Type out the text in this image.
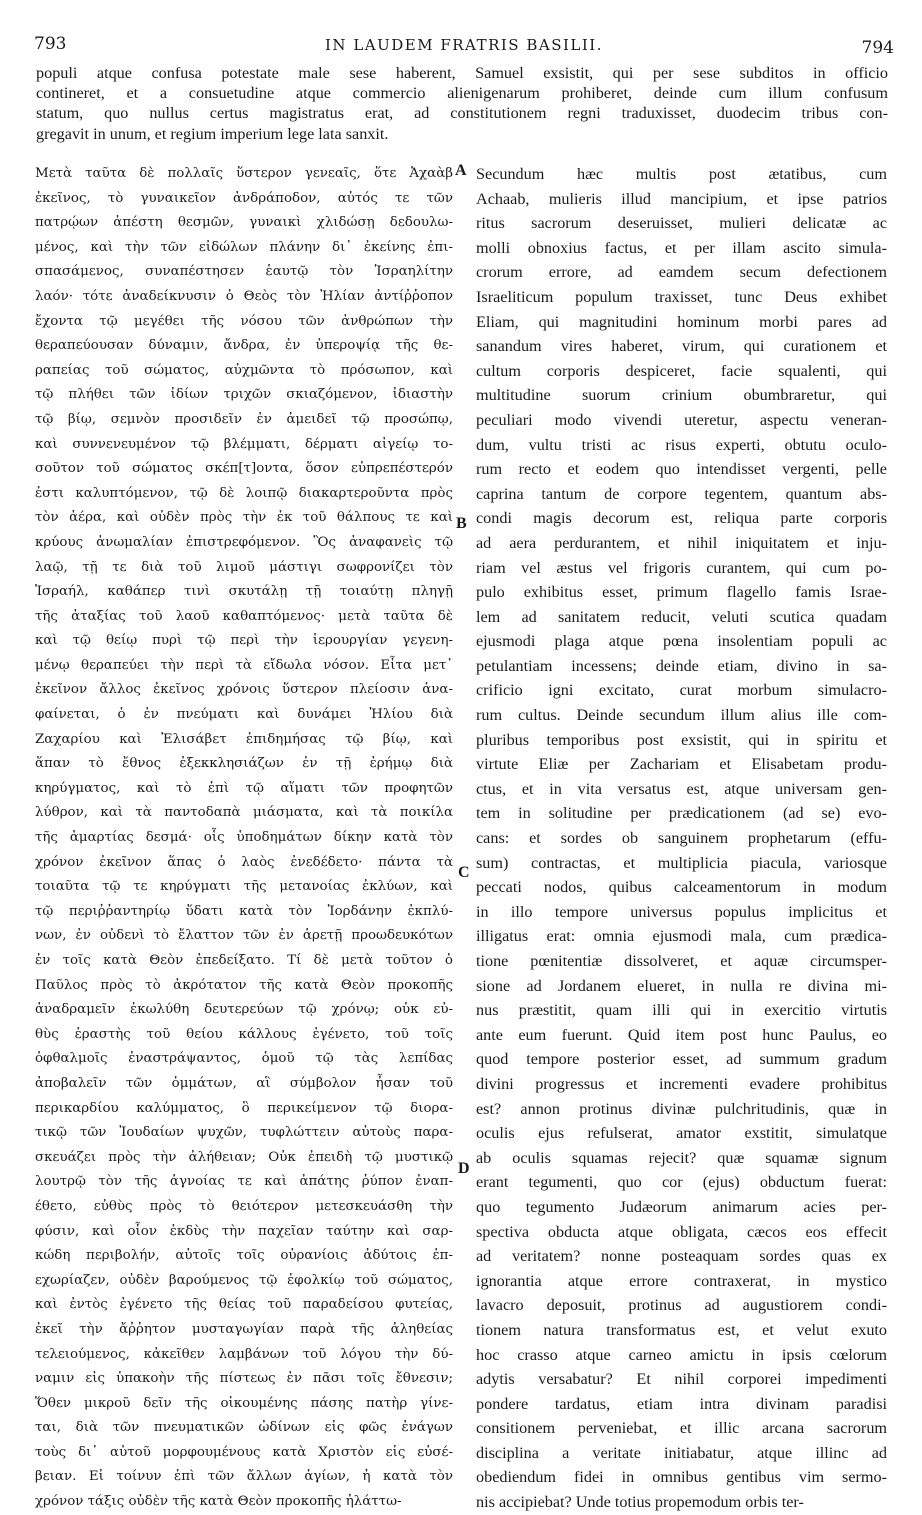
793	IN LAUDEM FRATRIS BASILII.	794
populi atque confusa potestate male sese haberent, Samuel exsistit, qui per sese subditos in officio
contineret, et a consuetudine atque commercio alienigenarum prohiberet, deinde cum illum confusum
statum, quo nullus certus magistratus erat, ad constitutionem regni traduxisset, duodecim tribus con-
gregavit in unum, et regium imperium lege lata sanxit.
Μετὰ ταῦτα δὲ πολλαῖς ὕστερον γενεαῖς, ὅτε Ἀχαὰβ
ἐκεῖνος, τὸ γυναικεῖον ἀνδράποδον, αὐτός τε τῶν
πατρῴων ἀπέστη θεσμῶν, γυναικὶ χλιδώσῃ δεδουλω-
μένος, καὶ τὴν τῶν εἰδώλων πλάνην δι᾽ ἐκείνης ἐπι-
σπασάμενος, συναπέστησεν ἑαυτῷ τὸν Ἰσραηλίτην
λαόν· τότε ἀναδείκνυσιν ὁ Θεὸς τὸν Ἠλίαν ἀντίῤῥοπον
ἔχοντα τῷ μεγέθει τῆς νόσου τῶν ἀνθρώπων τὴν
θεραπεύουσαν δύναμιν, ἄνδρα, ἐν ὑπεροψίᾳ τῆς θε-
ραπείας τοῦ σώματος, αὐχμῶντα τὸ πρόσωπον, καὶ
τῷ πλήθει τῶν ἰδίων τριχῶν σκιαζόμενον, ἰδιαστὴν
τῷ βίῳ, σεμνὸν προσιδεῖν ἐν ἀμειδεῖ τῷ προσώπῳ,
καὶ συννενευμένον τῷ βλέμματι, δέρματι αἰγείῳ το-
σοῦτον τοῦ σώματος σκέπ[τ]οντα, ὅσον εὐπρεπέστερόν
ἐστι καλυπτόμενον, τῷ δὲ λοιπῷ διακαρτεροῦντα πρὸς
τὸν ἀέρα, καὶ οὐδὲν πρὸς τὴν ἐκ τοῦ θάλπους τε καὶ
κρύους ἀνωμαλίαν ἐπιστρεφόμενον. Ὃς ἀναφανεὶς τῷ
λαῷ, τῇ τε διὰ τοῦ λιμοῦ μάστιγι σωφρονίζει τὸν
Ἰσραήλ, καθάπερ τινὶ σκυτάλῃ τῇ τοιαύτῃ πληγῇ
τῆς ἀταξίας τοῦ λαοῦ καθαπτόμενος· μετὰ ταῦτα δὲ
καὶ τῷ θείῳ πυρὶ τῷ περὶ τὴν ἱερουργίαν γεγενη-
μένῳ θεραπεύει τὴν περὶ τὰ εἴδωλα νόσον. Εἶτα μετ᾽
ἐκεῖνον ἄλλος ἐκεῖνος χρόνοις ὕστερον πλείοσιν ἀνα-
φαίνεται, ὁ ἐν πνεύματι καὶ δυνάμει Ἠλίου διὰ
Ζαχαρίου καὶ Ἐλισάβετ ἐπιδημήσας τῷ βίῳ, καὶ
ἅπαν τὸ ἔθνος ἐξεκκλησιάζων ἐν τῇ ἐρήμῳ διὰ
κηρύγματος, καὶ τὸ ἐπὶ τῷ αἵματι τῶν προφητῶν
λύθρον, καὶ τὰ παντοδαπὰ μιάσματα, καὶ τὰ ποικίλα
τῆς ἁμαρτίας δεσμά· οἷς ὑποδημάτων δίκην κατὰ τὸν
χρόνον ἐκεῖνον ἅπας ὁ λαὸς ἐνεδέδετο· πάντα τὰ
τοιαῦτα τῷ τε κηρύγματι τῆς μετανοίας ἐκλύων, καὶ
τῷ περιῤῥαντηρίῳ ὕδατι κατὰ τὸν Ἰορδάνην ἐκπλύ-
νων, ἐν οὐδενὶ τὸ ἔλαττον τῶν ἐν ἀρετῇ προωδευκότων
ἐν τοῖς κατὰ Θεὸν ἐπεδείξατο. Τί δὲ μετὰ τοῦτον ὁ
Παῦλος πρὸς τὸ ἀκρότατον τῆς κατὰ Θεὸν προκοπῆς
ἀναδραμεῖν ἐκωλύθη δευτερεύων τῷ χρόνῳ; οὐκ εὐ-
θὺς ἐραστὴς τοῦ θείου κάλλους ἐγένετο, τοῦ τοῖς
ὀφθαλμοῖς ἐναστράψαντος, ὁμοῦ τῷ τὰς λεπίδας
ἀποβαλεῖν τῶν ὀμμάτων, αἳ σύμβολον ἦσαν τοῦ
περικαρδίου καλύμματος, ὃ περικείμενον τῷ διορα-
τικῷ τῶν Ἰουδαίων ψυχῶν, τυφλώττειν αὐτοὺς παρα-
σκευάζει πρὸς τὴν ἀλήθειαν; Οὐκ ἐπειδὴ τῷ μυστικῷ
λουτρῷ τὸν τῆς ἀγνοίας τε καὶ ἀπάτης ῥύπον ἐναπ-
έθετο, εὐθὺς πρὸς τὸ θειότερον μετεσκευάσθη τὴν
φύσιν, καὶ οἷον ἐκδὺς τὴν παχεῖαν ταύτην καὶ σαρ-
κώδη περιβολήν, αὐτοῖς τοῖς οὐρανίοις ἀδύτοις ἐπ-
εχωρίαζεν, οὐδὲν βαρούμενος τῷ ἐφολκίῳ τοῦ σώματος,
καὶ ἐντὸς ἐγένετο τῆς θείας τοῦ παραδείσου φυτείας,
ἐκεῖ τὴν ἄῤῥητον μυσταγωγίαν παρὰ τῆς ἀληθείας
τελειούμενος, κἀκεῖθεν λαμβάνων τοῦ λόγου τὴν δύ-
ναμιν εἰς ὑπακοὴν τῆς πίστεως ἐν πᾶσι τοῖς ἔθνεσιν;
Ὅθεν μικροῦ δεῖν τῆς οἰκουμένης πάσης πατὴρ γίνε-
ται, διὰ τῶν πνευματικῶν ὠδίνων εἰς φῶς ἐνάγων
τοὺς δι᾽ αὐτοῦ μορφουμένους κατὰ Χριστὸν εἰς εὐσέ-
βειαν. Εἰ τοίνυν ἐπὶ τῶν ἄλλων ἁγίων, ἡ κατὰ τὸν
χρόνον τάξις οὐδὲν τῆς κατὰ Θεὸν προκοπῆς ἠλάττω-
Secundum hæc multis post ætatibus, cum
Achaab, mulieris illud mancipium, et ipse patrios
ritus sacrorum deseruisset, mulieri delicatæ ac
molli obnoxius factus, et per illam ascito simula-
crorum errore, ad eamdem secum defectionem
Israeliticum populum traxisset, tunc Deus exhibet
Eliam, qui magnitudini hominum morbi pares ad
sanandum vires haberet, virum, qui curationem et
cultum corporis despiceret, facie squalenti, qui
multitudine suorum crinium obumbraretur, qui
peculiari modo vivendi uteretur, aspectu veneran-
dum, vultu tristi ac risus experti, obtutu oculo-
rum recto et eodem quo intendisset vergenti, pelle
caprina tantum de corpore tegentem, quantum abs-
condi magis decorum est, reliqua parte corporis
ad aera perdurantem, et nihil iniquitatem et inju-
riam vel æstus vel frigoris curantem, qui cum po-
pulo exhibitus esset, primum flagello famis Israe-
lem ad sanitatem reducit, veluti scutica quadam
ejusmodi plaga atque pœna insolentiam populi ac
petulantiam incessens; deinde etiam, divino in sa-
crificio igni excitato, curat morbum simulacro-
rum cultus. Deinde secundum illum alius ille com-
pluribus temporibus post exsistit, qui in spiritu et
virtute Eliæ per Zachariam et Elisabetam produ-
ctus, et in vita versatus est, atque universam gen-
tem in solitudine per prædicationem (ad se) evo-
cans: et sordes ob sanguinem prophetarum (effu-
sum) contractas, et multiplicia piacula, variosque
peccati nodos, quibus calceamentorum in modum
in illo tempore universus populus implicitus et
illigatus erat: omnia ejusmodi mala, cum prædica-
tione pœnitentiæ dissolveret, et aquæ circumsper-
sione ad Jordanem elueret, in nulla re divina mi-
nus præstitit, quam illi qui in exercitio virtutis
ante eum fuerunt. Quid item post hunc Paulus, eo
quod tempore posterior esset, ad summum gradum
divini progressus et incrementi evadere prohibitus
est? annon protinus divinæ pulchritudinis, quæ in
oculis ejus refulserat, amator exstitit, simulatque
ab oculis squamas rejecit? quæ squamæ signum
erant tegumenti, quo cor (ejus) obductum fuerat:
quo tegumento Judæorum animarum acies per-
spectiva obducta atque obligata, cæcos eos effecit
ad veritatem? nonne posteaquam sordes quas ex
ignorantia atque errore contraxerat, in mystico
lavacro deposuit, protinus ad augustiorem condi-
tionem natura transformatus est, et velut exuto
hoc crasso atque carneo amictu in ipsis cœlorum
adytis versabatur? Et nihil corporei impedimenti
pondere tardatus, etiam intra divinam paradisi
consitionem perveniebat, et illic arcana sacrorum
disciplina a veritate initiabatur, atque illinc ad
obediendum fidei in omnibus gentibus vim sermo-
nis accipiebat? Unde totius propemodum orbis ter-
A
B
C
D
